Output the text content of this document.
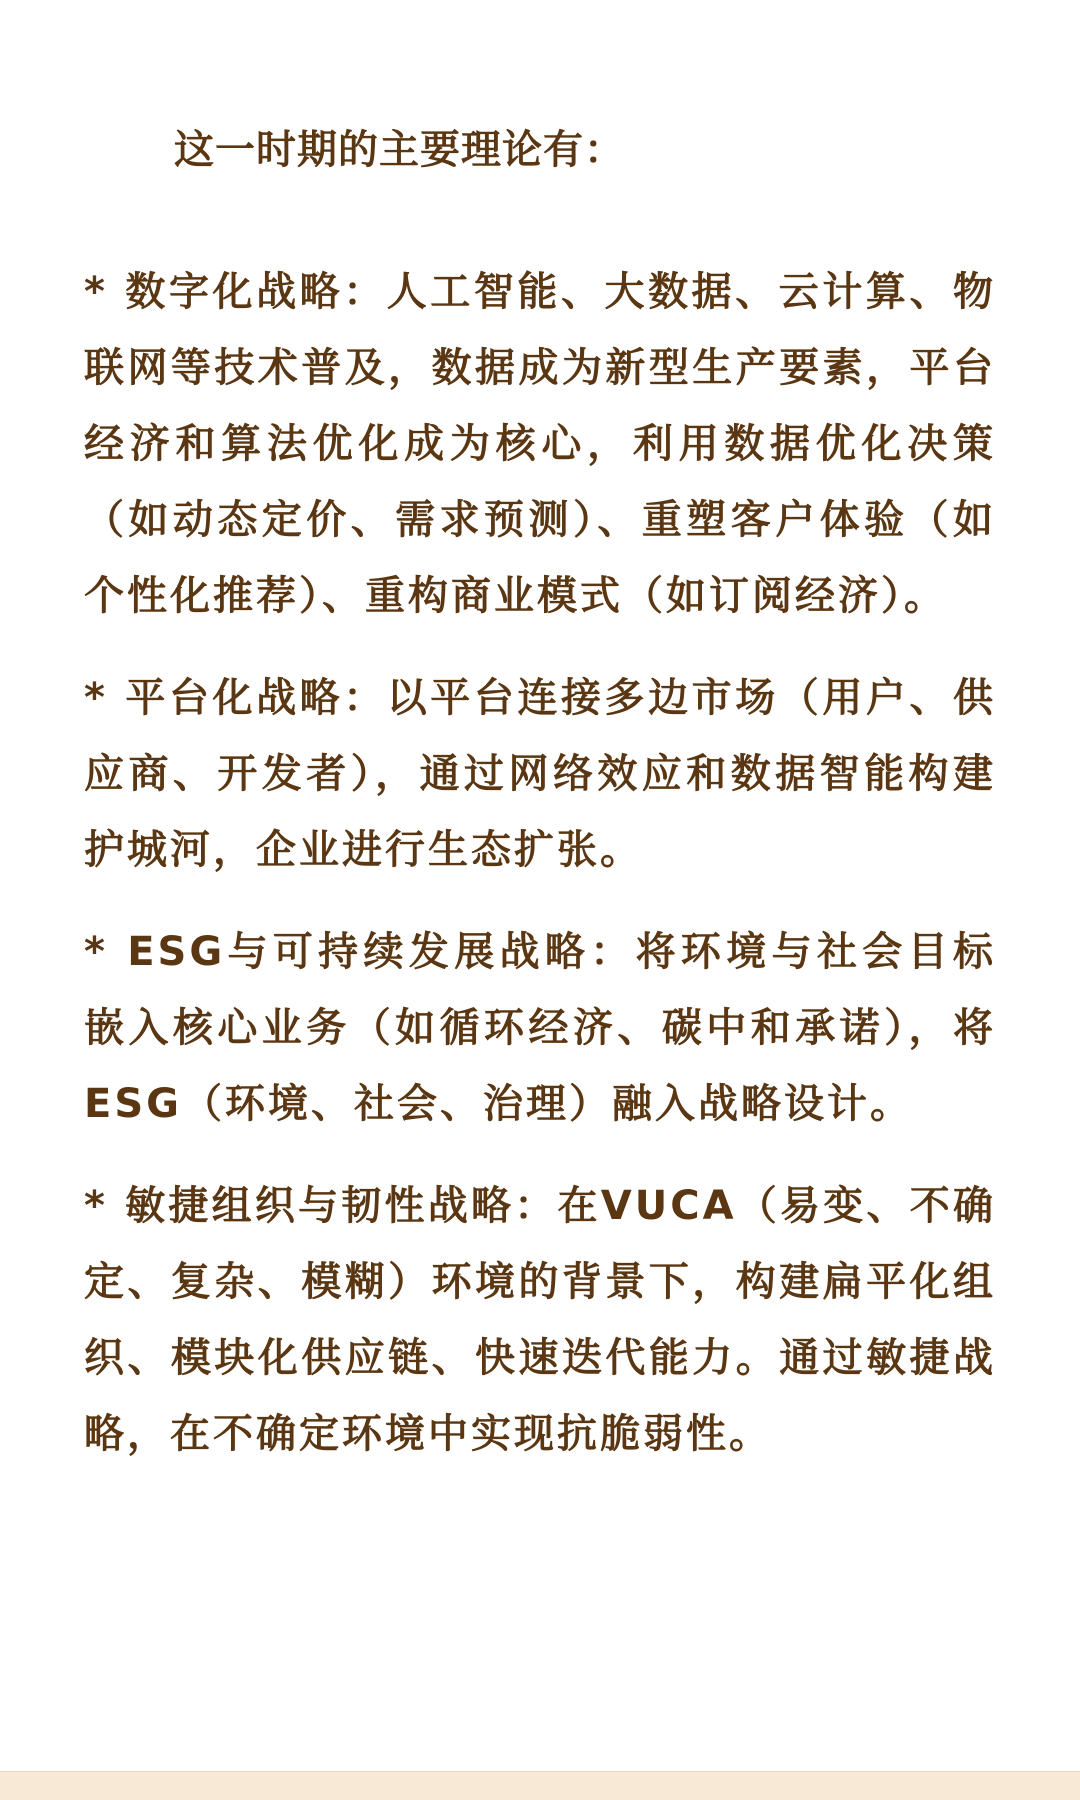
这一时期的主要理论有：

* 数字化战略：人工智能、大数据、云计算、物联网等技术普及，数据成为新型生产要素，平台经济和算法优化成为核心，利用数据优化决策（如动态定价、需求预测）、重塑客户体验（如个性化推荐）、重构商业模式（如订阅经济）。

* 平台化战略：以平台连接多边市场（用户、供应商、开发者），通过网络效应和数据智能构建护城河，企业进行生态扩张。

* ESG与可持续发展战略：将环境与社会目标嵌入核心业务（如循环经济、碳中和承诺），将ESG（环境、社会、治理）融入战略设计。

* 敏捷组织与韧性战略：在VUCA（易变、不确定、复杂、模糊）环境的背景下，构建扁平化组织、模块化供应链、快速迭代能力。通过敏捷战略，在不确定环境中实现抗脆弱性。
